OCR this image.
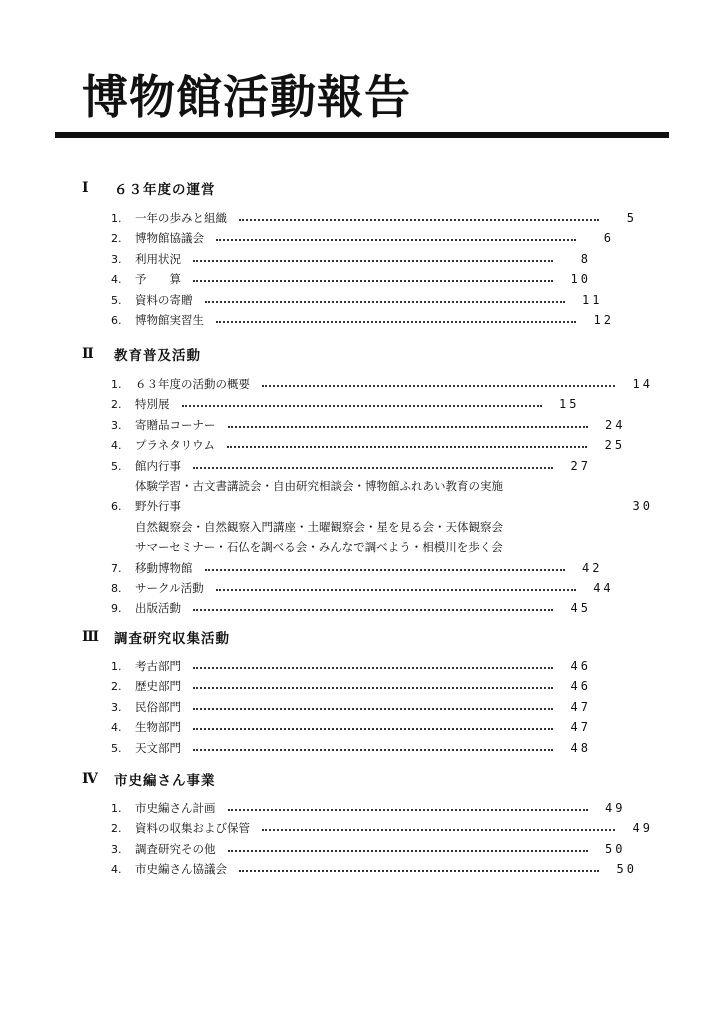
博物館活動報告
Ⅰ	６３年度の運営
1.	一年の歩みと組織	5
2.	博物館協議会	6
3.	利用状況	8
4.	予　　算	10
5.	資料の寄贈	11
6.	博物館実習生	12
Ⅱ	教育普及活動
1.	６３年度の活動の概要	14
2.	特別展	15
3.	寄贈品コーナー	24
4.	プラネタリウム	25
5.	館内行事	27
体験学習・古文書講読会・自由研究相談会・博物館ふれあい教育の実施
6.	野外行事	30
自然観察会・自然観察入門講座・土曜観察会・星を見る会・天体観察会
サマーセミナー・石仏を調べる会・みんなで調べよう・相模川を歩く会
7.	移動博物館	42
8.	サークル活動	44
9.	出版活動	45
Ⅲ	調査研究収集活動
1.	考古部門	46
2.	歴史部門	46
3.	民俗部門	47
4.	生物部門	47
5.	天文部門	48
Ⅳ	市史編さん事業
1.	市史編さん計画	49
2.	資料の収集および保管	49
3.	調査研究その他	50
4.	市史編さん協議会	50
